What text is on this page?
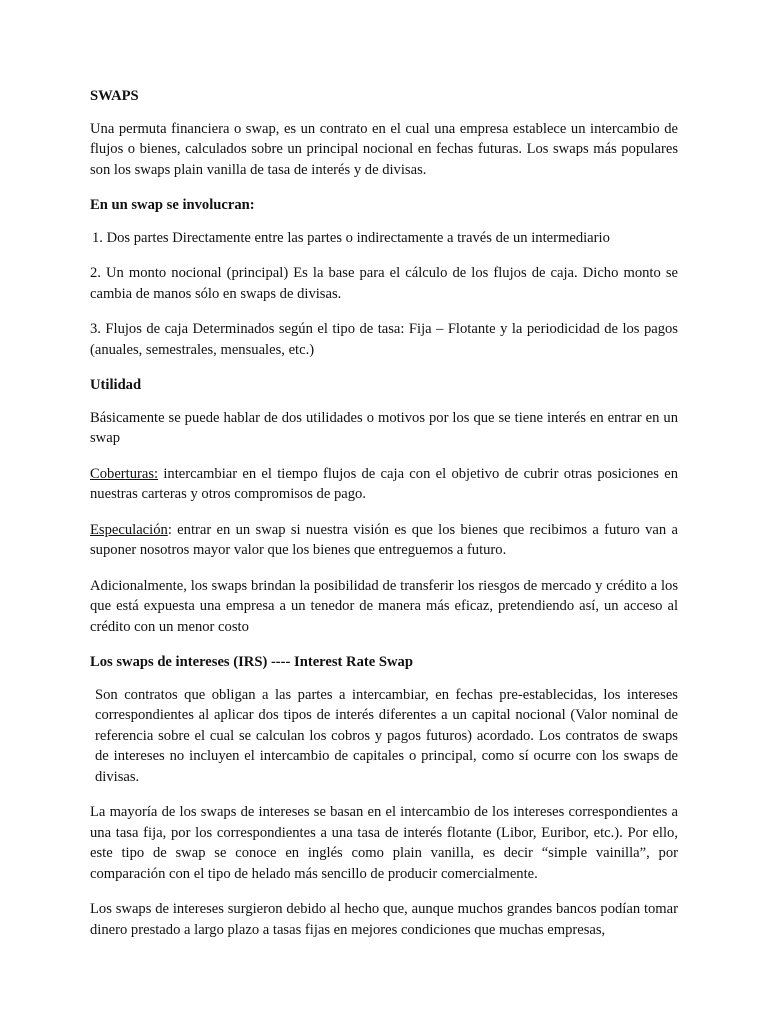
SWAPS

Una permuta financiera o swap, es un contrato en el cual una empresa establece un intercambio de flujos o bienes, calculados sobre un principal nocional en fechas futuras. Los swaps más populares son los swaps plain vanilla de tasa de interés y de divisas.

En un swap se involucran:

1. Dos partes Directamente entre las partes o indirectamente a través de un intermediario

2. Un monto nocional (principal) Es la base para el cálculo de los flujos de caja. Dicho monto se cambia de manos sólo en swaps de divisas.

3. Flujos de caja Determinados según el tipo de tasa: Fija – Flotante y la periodicidad de los pagos (anuales, semestrales, mensuales, etc.)

Utilidad

Básicamente se puede hablar de dos utilidades o motivos por los que se tiene interés en entrar en un swap

Coberturas: intercambiar en el tiempo flujos de caja con el objetivo de cubrir otras posiciones en nuestras carteras y otros compromisos de pago.

Especulación: entrar en un swap si nuestra visión es que los bienes que recibimos a futuro van a suponer nosotros mayor valor que los bienes que entreguemos a futuro.

Adicionalmente, los swaps brindan la posibilidad de transferir los riesgos de mercado y crédito a los que está expuesta una empresa a un tenedor de manera más eficaz, pretendiendo así, un acceso al crédito con un menor costo

Los swaps de intereses (IRS) ---- Interest Rate Swap

Son contratos que obligan a las partes a intercambiar, en fechas pre-establecidas, los intereses correspondientes al aplicar dos tipos de interés diferentes a un capital nocional (Valor nominal de referencia sobre el cual se calculan los cobros y pagos futuros) acordado. Los contratos de swaps de intereses no incluyen el intercambio de capitales o principal, como sí ocurre con los swaps de divisas.

La mayoría de los swaps de intereses se basan en el intercambio de los intereses correspondientes a una tasa fija, por los correspondientes a una tasa de interés flotante (Libor, Euribor, etc.). Por ello, este tipo de swap se conoce en inglés como plain vanilla, es decir “simple vainilla”, por comparación con el tipo de helado más sencillo de producir comercialmente.

Los swaps de intereses surgieron debido al hecho que, aunque muchos grandes bancos podían tomar dinero prestado a largo plazo a tasas fijas en mejores condiciones que muchas empresas,
